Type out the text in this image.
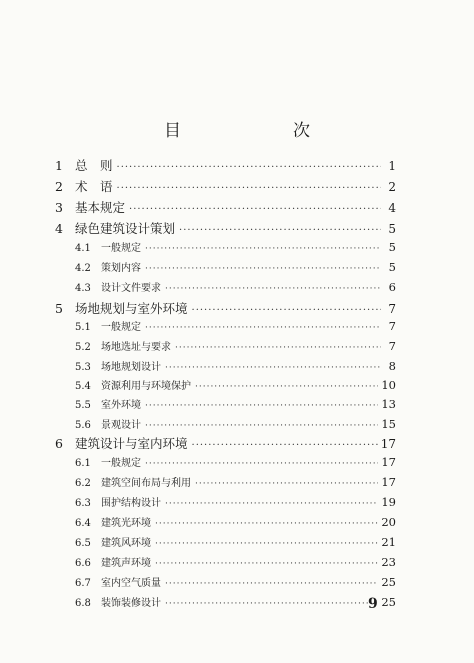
目　　次
1 总　则 ·····	1
2 术　语 ·····	2
3 基本规定 ·····	4
4 绿色建筑设计策划 ·····	5
4.1	一般规定 ·····	5
4.2	策划内容 ·····	5
4.3	设计文件要求 ·····	6
5 场地规划与室外环境 ·····	7
5.1	一般规定 ·····	7
5.2	场地选址与要求 ·····	7
5.3	场地规划设计 ·····	8
5.4	资源利用与环境保护 ·····	10
5.5	室外环境 ·····	13
5.6	景观设计 ·····	15
6 建筑设计与室内环境 ·····	17
6.1	一般规定 ·····	17
6.2	建筑空间布局与利用 ·····	17
6.3	围护结构设计 ·····	19
6.4	建筑光环境 ·····	20
6.5	建筑风环境 ·····	21
6.6	建筑声环境 ·····	23
6.7	室内空气质量 ·····	25
6.8	装饰装修设计 ·····	25
9
